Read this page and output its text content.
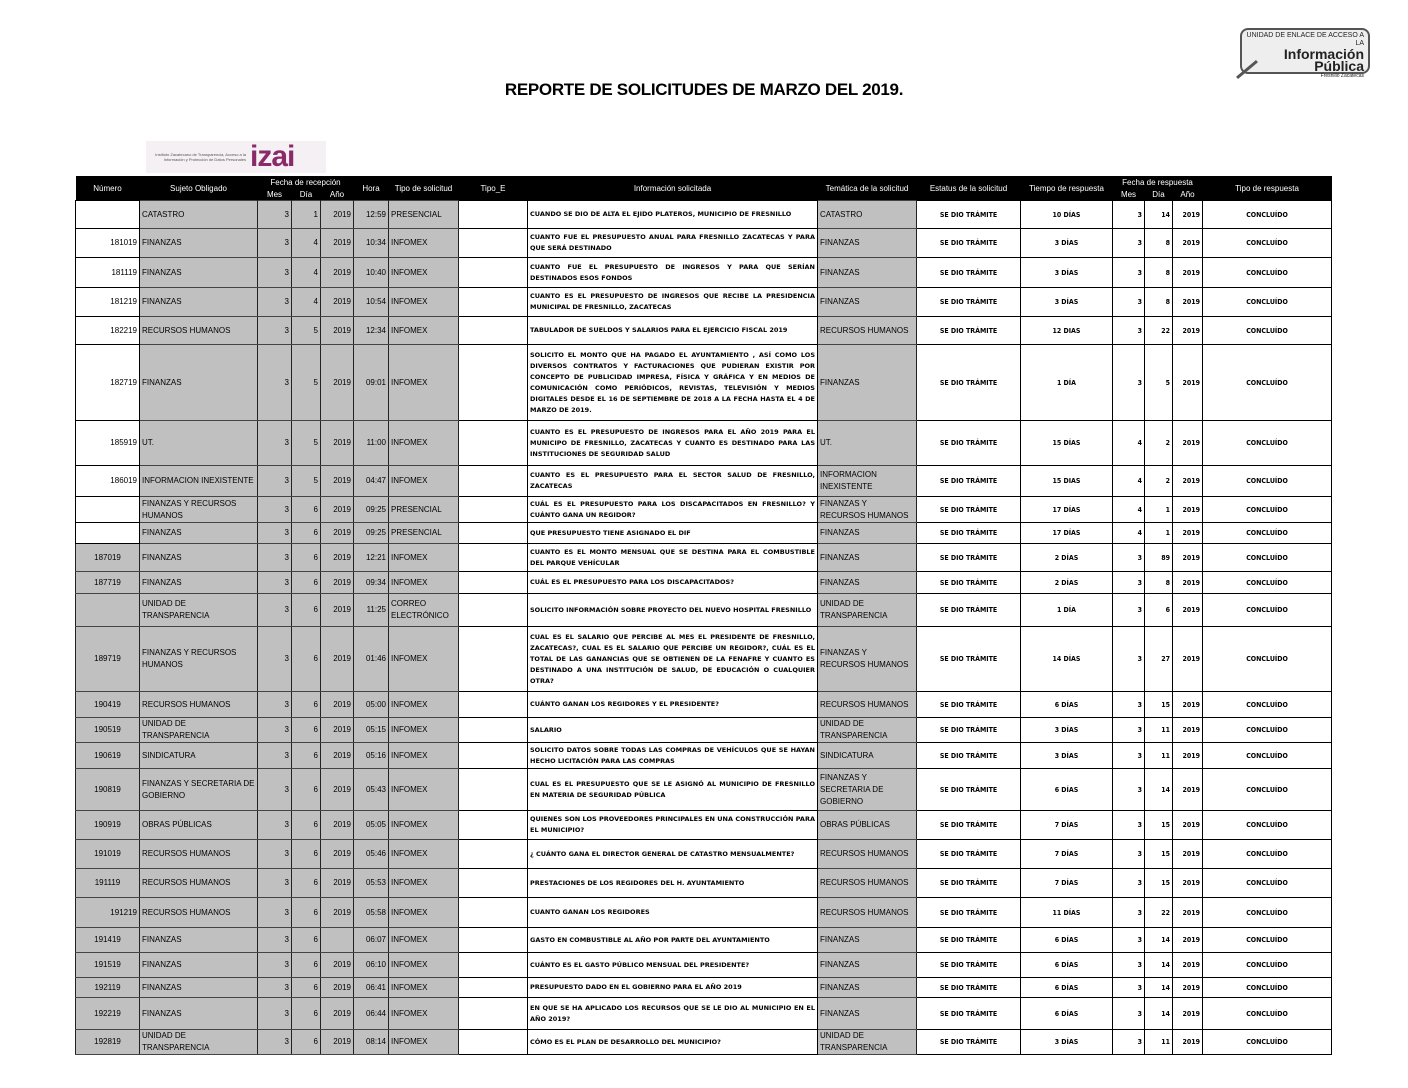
UNIDAD DE ENLACE DE ACCESO A LA
Información Pública
Fresnillo Zacatecas
REPORTE DE SOLICITUDES DE MARZO DEL 2019.
Instituto Zacatecano de Transparencia, Acceso a la Información y Protección de Datos Personales izai
Número	Sujeto Obligado	Fecha de recepción			Hora	Tipo de solicitud	Tipo_E	Información solicitada	Temática de la solicitud	Estatus de la solicitud	Tiempo de respuesta	Fecha de respuesta			Tipo de respuesta
		Mes	Día	Año								Mes	Día	Año	
	CATASTRO	3	1	2019	12:59	PRESENCIAL		CUANDO SE DIO DE ALTA EL EJIDO PLATEROS, MUNICIPIO DE FRESNILLO	CATASTRO	SE DIO TRÁMITE	10 DÍAS	3	14	2019	CONCLUÍDO
181019	FINANZAS	3	4	2019	10:34	INFOMEX		CUANTO FUE EL PRESUPUESTO ANUAL PARA FRESNILLO ZACATECAS Y PARA QUE SERÁ DESTINADO	FINANZAS	SE DIO TRÁMITE	3 DÍAS	3	8	2019	CONCLUÍDO
181119	FINANZAS	3	4	2019	10:40	INFOMEX		CUANTO FUE EL PRESUPUESTO DE INGRESOS Y PARA QUE SERÍAN DESTINADOS ESOS FONDOS	FINANZAS	SE DIO TRÁMITE	3 DÍAS	3	8	2019	CONCLUÍDO
181219	FINANZAS	3	4	2019	10:54	INFOMEX		CUANTO ES EL PRESUPUESTO DE INGRESOS QUE RECIBE LA PRESIDENCIA MUNICIPAL DE FRESNILLO, ZACATECAS	FINANZAS	SE DIO TRÁMITE	3 DÍAS	3	8	2019	CONCLUÍDO
182219	RECURSOS HUMANOS	3	5	2019	12:34	INFOMEX		TABULADOR DE SUELDOS Y SALARIOS PARA EL EJERCICIO FISCAL 2019	RECURSOS HUMANOS	SE DIO TRÁMITE	12 DIAS	3	22	2019	CONCLUÍDO
182719	FINANZAS	3	5	2019	09:01	INFOMEX		SOLICITO EL MONTO QUE HA PAGADO EL AYUNTAMIENTO , ASÍ COMO LOS DIVERSOS CONTRATOS Y FACTURACIONES QUE PUDIERAN EXISTIR POR CONCEPTO DE PUBLICIDAD IMPRESA, FÍSICA Y GRÁFICA Y EN MEDIOS DE COMUNICACIÓN COMO PERIÓDICOS, REVISTAS, TELEVISIÓN Y MEDIOS DIGITALES DESDE EL 16 DE SEPTIEMBRE DE 2018 A LA FECHA HASTA EL 4 DE MARZO DE 2019.	FINANZAS	SE DIO TRÁMITE	1 DÍA	3	5	2019	CONCLUÍDO
185919	UT.	3	5	2019	11:00	INFOMEX		CUANTO ES EL PRESUPUESTO DE INGRESOS PARA EL AÑO 2019 PARA EL MUNICIPO DE FRESNILLO, ZACATECAS Y CUANTO ES DESTINADO PARA LAS INSTITUCIONES DE SEGURIDAD SALUD	UT.	SE DIO TRÁMITE	15 DÍAS	4	2	2019	CONCLUÍDO
186019	INFORMACION INEXISTENTE	3	5	2019	04:47	INFOMEX		CUANTO ES EL PRESUPUESTO PARA EL SECTOR SALUD DE FRESNILLO, ZACATECAS	INFORMACION INEXISTENTE	SE DIO TRÁMITE	15 DIAS	4	2	2019	CONCLUÍDO
	FINANZAS Y RECURSOS HUMANOS	3	6	2019	09:25	PRESENCIAL		CUÁL ES EL PRESUPUESTO PARA LOS DISCAPACITADOS EN FRESNILLO? Y CUÁNTO GANA UN REGIDOR?	FINANZAS Y RECURSOS HUMANOS	SE DIO TRÁMITE	17 DÍAS	4	1	2019	CONCLUÍDO
	FINANZAS	3	6	2019	09:25	PRESENCIAL		QUE PRESUPUESTO TIENE ASIGNADO EL DIF	FINANZAS	SE DIO TRÁMITE	17 DÍAS	4	1	2019	CONCLUÍDO
187019	FINANZAS	3	6	2019	12:21	INFOMEX		CUANTO ES EL MONTO MENSUAL QUE SE DESTINA PARA EL COMBUSTIBLE DEL PARQUE VEHÍCULAR	FINANZAS	SE DIO TRÁMITE	2 DÍAS	3	89	2019	CONCLUÍDO
187719	FINANZAS	3	6	2019	09:34	INFOMEX		CUÁL ES EL PRESUPUESTO PARA LOS DISCAPACITADOS?	FINANZAS	SE DIO TRÁMITE	2 DÍAS	3	8	2019	CONCLUÍDO
	UNIDAD DE TRANSPARENCIA	3	6	2019	11:25	CORREO ELECTRÓNICO		SOLICITO INFORMACIÓN SOBRE PROYECTO DEL NUEVO HOSPITAL FRESNILLO	UNIDAD DE TRANSPARENCIA	SE DIO TRÁMITE	1 DÍA	3	6	2019	CONCLUÍDO
189719	FINANZAS Y RECURSOS HUMANOS	3	6	2019	01:46	INFOMEX		CUAL ES EL SALARIO QUE PERCIBE AL MES EL PRESIDENTE DE FRESNILLO, ZACATECAS?, CUAL ES EL SALARIO QUE PERCIBE UN REGIDOR?, CUÁL ES EL TOTAL DE LAS GANANCIAS QUE SE OBTIENEN DE LA FENAFRE Y CUANTO ES DESTINADO A UNA INSTITUCIÓN DE SALUD, DE EDUCACIÓN O CUALQUIER OTRA?	FINANZAS Y RECURSOS HUMANOS	SE DIO TRÁMITE	14 DÍAS	3	27	2019	CONCLUÍDO
190419	RECURSOS HUMANOS	3	6	2019	05:00	INFOMEX		CUÁNTO GANAN LOS REGIDORES Y EL PRESIDENTE?	RECURSOS HUMANOS	SE DIO TRÁMITE	6 DÍAS	3	15	2019	CONCLUÍDO
190519	UNIDAD DE TRANSPARENCIA	3	6	2019	05:15	INFOMEX		SALARIO	UNIDAD DE TRANSPARENCIA	SE DIO TRÁMITE	3 DÍAS	3	11	2019	CONCLUÍDO
190619	SINDICATURA	3	6	2019	05:16	INFOMEX		SOLICITO DATOS SOBRE TODAS LAS COMPRAS DE VEHÍCULOS QUE SE HAYAN HECHO LICITACIÓN PARA LAS COMPRAS	SINDICATURA	SE DIO TRÁMITE	3 DÍAS	3	11	2019	CONCLUÍDO
190819	FINANZAS Y SECRETARIA DE GOBIERNO	3	6	2019	05:43	INFOMEX		CUAL ES EL PRESUPUESTO QUE SE LE ASIGNÓ AL MUNICIPIO DE FRESNILLO EN MATERIA DE SEGURIDAD PÚBLICA	FINANZAS Y SECRETARIA DE GOBIERNO	SE DIO TRÁMITE	6 DÍAS	3	14	2019	CONCLUÍDO
190919	OBRAS PÚBLICAS	3	6	2019	05:05	INFOMEX		QUIENES SON LOS PROVEEDORES PRINCIPALES EN UNA CONSTRUCCIÓN PARA EL MUNICIPIO?	OBRAS PÚBLICAS	SE DIO TRÁMITE	7 DÍAS	3	15	2019	CONCLUÍDO
191019	RECURSOS HUMANOS	3	6	2019	05:46	INFOMEX		¿ CUÁNTO GANA EL DIRECTOR GENERAL DE CATASTRO MENSUALMENTE?	RECURSOS HUMANOS	SE DIO TRÁMITE	7 DÍAS	3	15	2019	CONCLUÍDO
191119	RECURSOS HUMANOS	3	6	2019	05:53	INFOMEX		PRESTACIONES DE LOS REGIDORES DEL H. AYUNTAMIENTO	RECURSOS HUMANOS	SE DIO TRÁMITE	7 DÍAS	3	15	2019	CONCLUÍDO
191219	RECURSOS HUMANOS	3	6	2019	05:58	INFOMEX		CUANTO GANAN LOS REGIDORES	RECURSOS HUMANOS	SE DIO TRÁMITE	11 DÍAS	3	22	2019	CONCLUÍDO
191419	FINANZAS	3	6		06:07	INFOMEX		GASTO EN COMBUSTIBLE AL AÑO POR PARTE DEL AYUNTAMIENTO	FINANZAS	SE DIO TRÁMITE	6 DÍAS	3	14	2019	CONCLUÍDO
191519	FINANZAS	3	6	2019	06:10	INFOMEX		CUÁNTO ES EL GASTO PÚBLICO MENSUAL DEL PRESIDENTE?	FINANZAS	SE DIO TRÁMITE	6 DÍAS	3	14	2019	CONCLUÍDO
192119	FINANZAS	3	6	2019	06:41	INFOMEX		PRESUPUESTO DADO EN EL GOBIERNO PARA EL AÑO 2019	FINANZAS	SE DIO TRÁMITE	6 DÍAS	3	14	2019	CONCLUÍDO
192219	FINANZAS	3	6	2019	06:44	INFOMEX		EN QUE SE HA APLICADO LOS RECURSOS QUE SE LE DIO AL MUNICIPIO EN EL AÑO 2019?	FINANZAS	SE DIO TRÁMITE	6 DÍAS	3	14	2019	CONCLUÍDO
192819	UNIDAD DE TRANSPARENCIA	3	6	2019	08:14	INFOMEX		CÓMO ES EL PLAN DE DESARROLLO DEL MUNICIPIO?	UNIDAD DE TRANSPARENCIA	SE DIO TRÁMITE	3 DÍAS	3	11	2019	CONCLUÍDO
